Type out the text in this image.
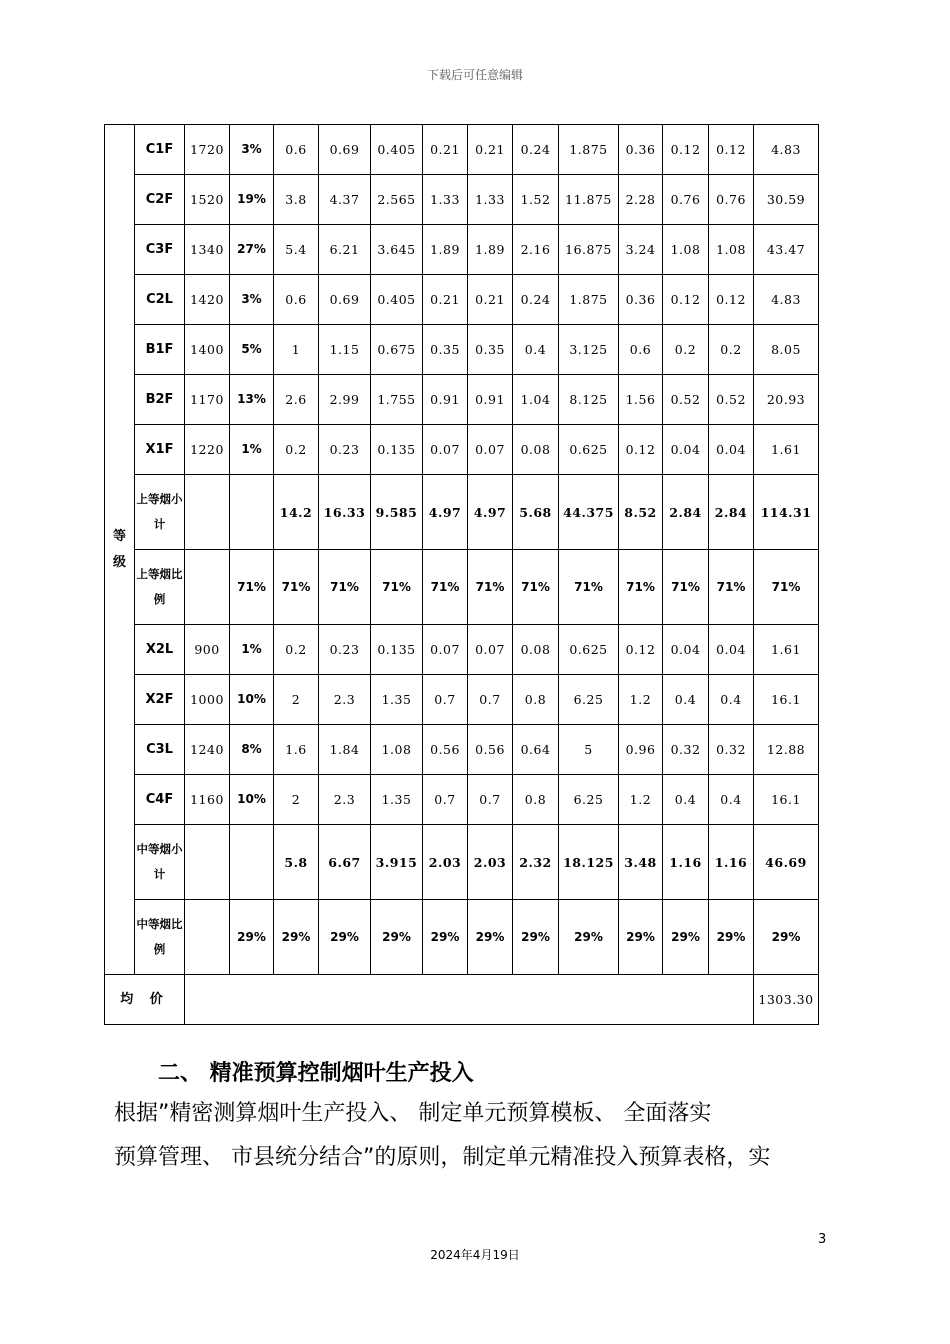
下载后可任意编辑
等
级	C1F	1720	3%	0.6	0.69	0.405	0.21	0.21	0.24	1.875	0.36	0.12	0.12	4.83
	C2F	1520	19%	3.8	4.37	2.565	1.33	1.33	1.52	11.875	2.28	0.76	0.76	30.59
	C3F	1340	27%	5.4	6.21	3.645	1.89	1.89	2.16	16.875	3.24	1.08	1.08	43.47
	C2L	1420	3%	0.6	0.69	0.405	0.21	0.21	0.24	1.875	0.36	0.12	0.12	4.83
	B1F	1400	5%	1	1.15	0.675	0.35	0.35	0.4	3.125	0.6	0.2	0.2	8.05
	B2F	1170	13%	2.6	2.99	1.755	0.91	0.91	1.04	8.125	1.56	0.52	0.52	20.93
	X1F	1220	1%	0.2	0.23	0.135	0.07	0.07	0.08	0.625	0.12	0.04	0.04	1.61
	上等烟小计			14.2	16.33	9.585	4.97	4.97	5.68	44.375	8.52	2.84	2.84	114.31
	上等烟比例		71%	71%	71%	71%	71%	71%	71%	71%	71%	71%	71%	71%
	X2L	900	1%	0.2	0.23	0.135	0.07	0.07	0.08	0.625	0.12	0.04	0.04	1.61
	X2F	1000	10%	2	2.3	1.35	0.7	0.7	0.8	6.25	1.2	0.4	0.4	16.1
	C3L	1240	8%	1.6	1.84	1.08	0.56	0.56	0.64	5	0.96	0.32	0.32	12.88
	C4F	1160	10%	2	2.3	1.35	0.7	0.7	0.8	6.25	1.2	0.4	0.4	16.1
	中等烟小计			5.8	6.67	3.915	2.03	2.03	2.32	18.125	3.48	1.16	1.16	46.69
	中等烟比例		29%	29%	29%	29%	29%	29%	29%	29%	29%	29%	29%	29%
均 价														1303.30
二、 精准预算控制烟叶生产投入
根据”精密测算烟叶生产投入、 制定单元预算模板、 全面落实
预算管理、 市县统分结合”的原则，制定单元精准投入预算表格，实
3
2024年4月19日
